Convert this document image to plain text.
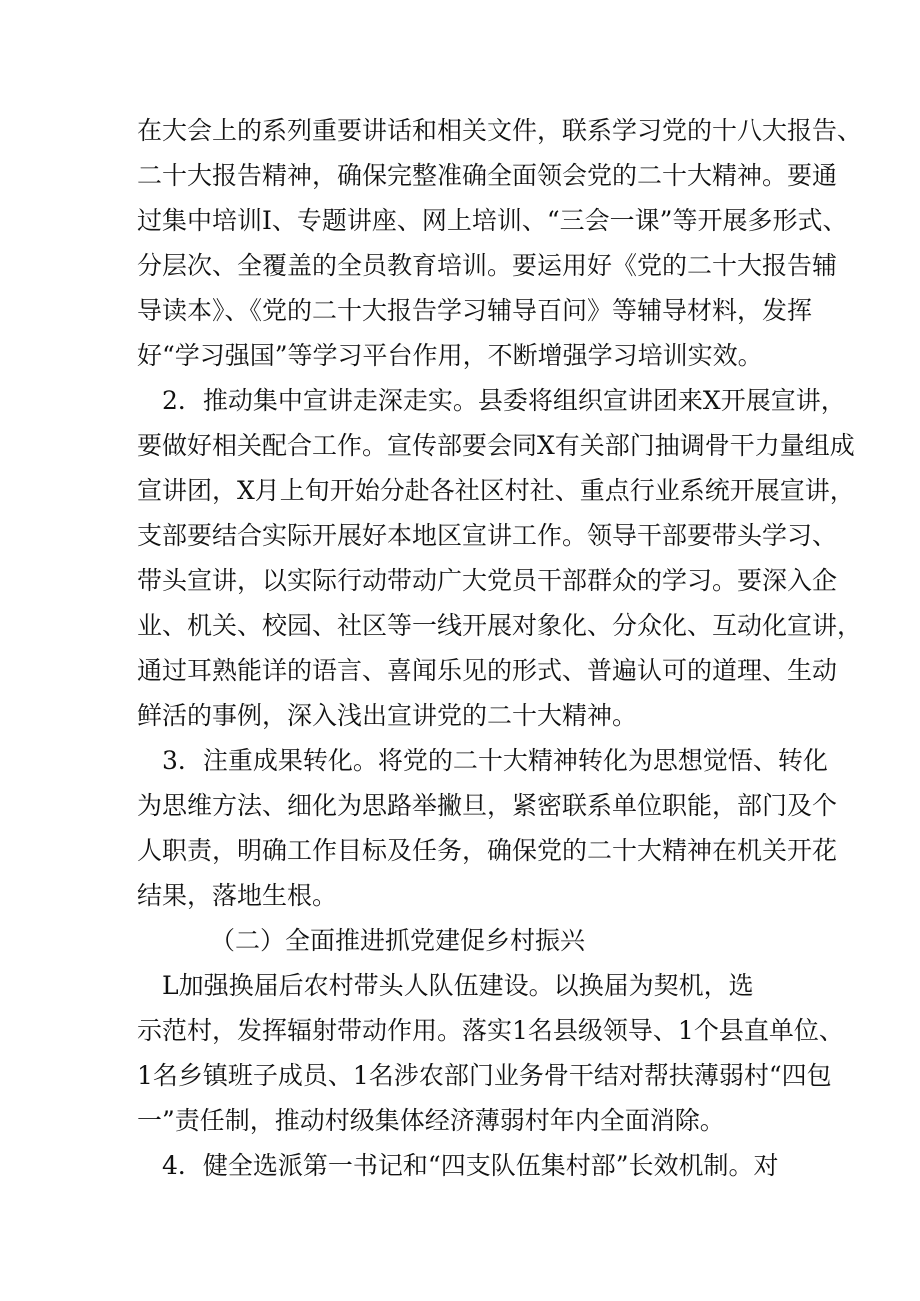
在大会上的系列重要讲话和相关文件，联系学习党的十八大报告、
二十大报告精神，确保完整准确全面领会党的二十大精神。要通
过集中培训I、专题讲座、网上培训、“三会一课”等开展多形式、
分层次、全覆盖的全员教育培训。要运用好《党的二十大报告辅
导读本》、《党的二十大报告学习辅导百问》等辅导材料，发挥
好“学习强国”等学习平台作用，不断增强学习培训实效。
　2．推动集中宣讲走深走实。县委将组织宣讲团来X开展宣讲，
要做好相关配合工作。宣传部要会同X有关部门抽调骨干力量组成
宣讲团，X月上旬开始分赴各社区村社、重点行业系统开展宣讲，
支部要结合实际开展好本地区宣讲工作。领导干部要带头学习、
带头宣讲，以实际行动带动广大党员干部群众的学习。要深入企
业、机关、校园、社区等一线开展对象化、分众化、互动化宣讲，
通过耳熟能详的语言、喜闻乐见的形式、普遍认可的道理、生动
鲜活的事例，深入浅出宣讲党的二十大精神。
　3．注重成果转化。将党的二十大精神转化为思想觉悟、转化
为思维方法、细化为思路举撇旦，紧密联系单位职能，部门及个
人职责，明确工作目标及任务，确保党的二十大精神在机关开花
结果，落地生根。
（二）全面推进抓党建促乡村振兴
　L加强换届后农村带头人队伍建设。以换届为契机，选
示范村，发挥辐射带动作用。落实1名县级领导、1个县直单位、
1名乡镇班子成员、1名涉农部门业务骨干结对帮扶薄弱村“四包
一”责任制，推动村级集体经济薄弱村年内全面消除。
　4．健全选派第一书记和“四支队伍集村部”长效机制。对
